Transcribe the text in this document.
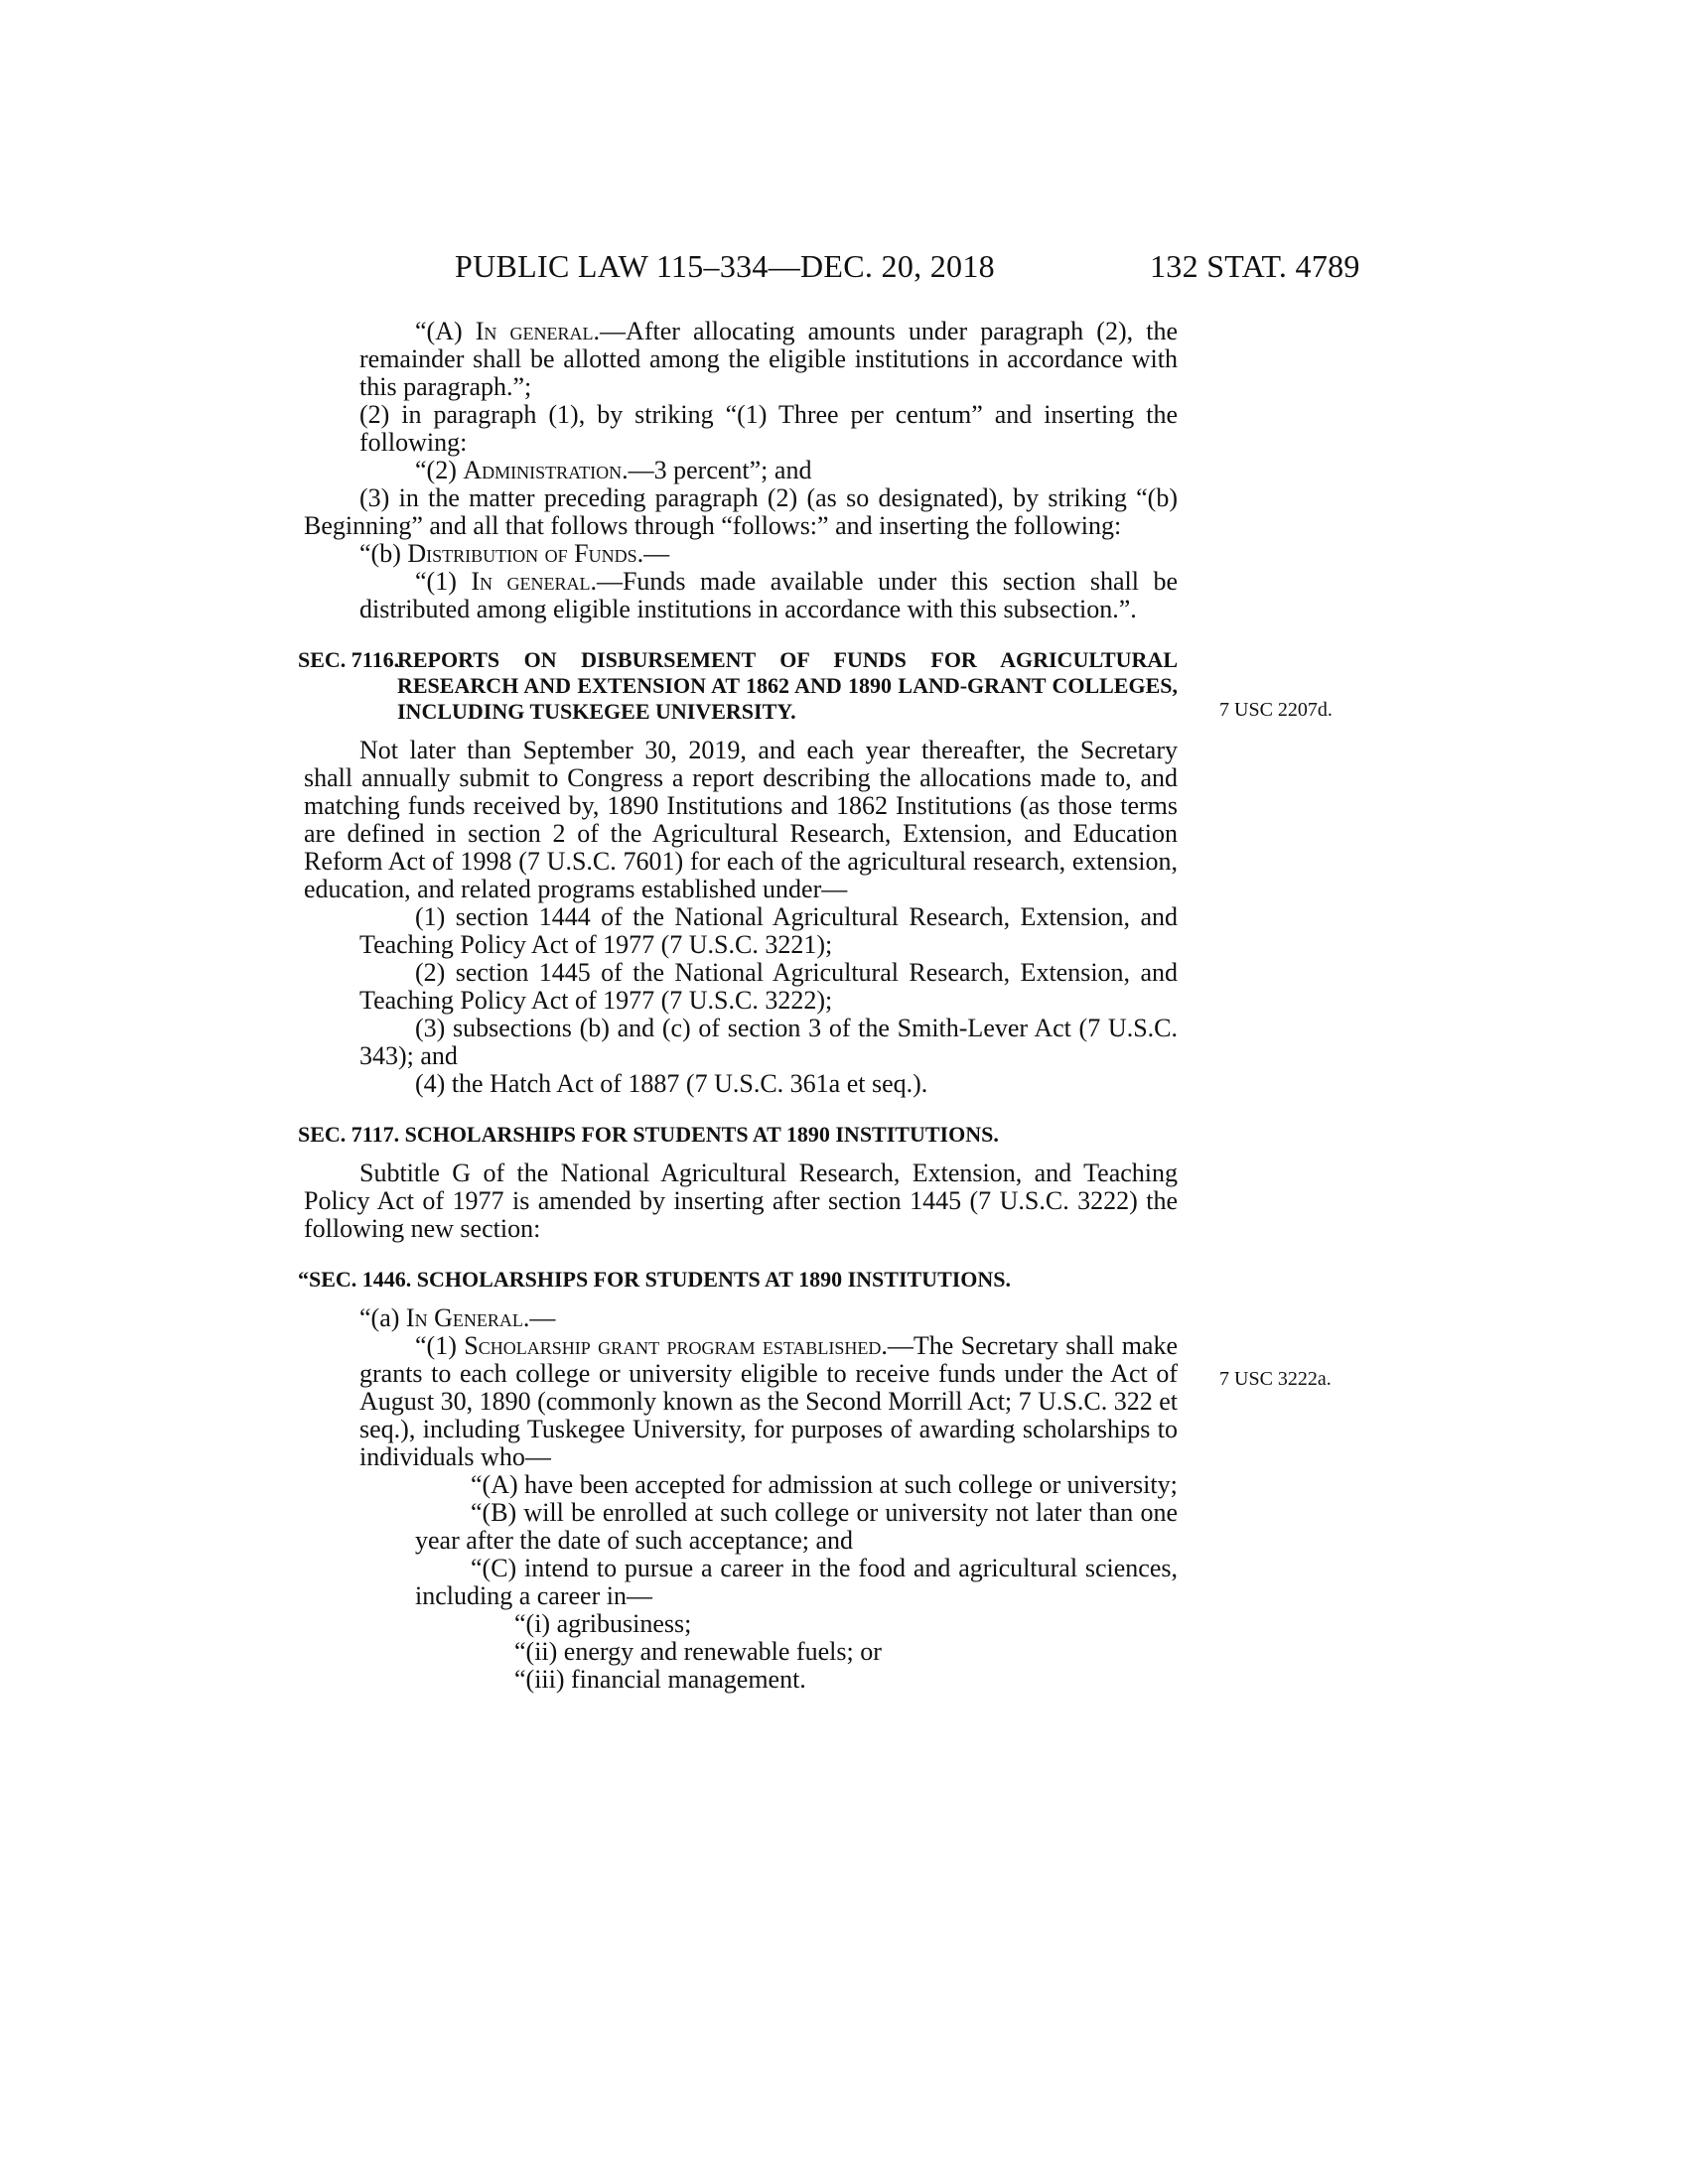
PUBLIC LAW 115–334—DEC. 20, 2018	132 STAT. 4789
7 USC 2207d.
7 USC 3222a.

“(A) In general.—After allocating amounts under paragraph (2), the remainder shall be allotted among the eligible institutions in accordance with this paragraph.”;

(2) in paragraph (1), by striking “(1) Three per centum” and inserting the following:

“(2) Administration.—3 percent”; and

(3) in the matter preceding paragraph (2) (as so designated), by striking “(b) Beginning” and all that follows through “follows:” and inserting the following:

“(b) Distribution of Funds.—

“(1) In general.—Funds made available under this section shall be distributed among eligible institutions in accordance with this subsection.”.

SEC. 7116.
REPORTS ON DISBURSEMENT OF FUNDS FOR AGRICULTURAL RESEARCH AND EXTENSION AT 1862 AND 1890 LAND-GRANT COLLEGES, INCLUDING TUSKEGEE UNIVERSITY.

Not later than September 30, 2019, and each year thereafter, the Secretary shall annually submit to Congress a report describing the allocations made to, and matching funds received by, 1890 Institutions and 1862 Institutions (as those terms are defined in section 2 of the Agricultural Research, Extension, and Education Reform Act of 1998 (7 U.S.C. 7601) for each of the agricultural research, extension, education, and related programs established under—

(1) section 1444 of the National Agricultural Research, Extension, and Teaching Policy Act of 1977 (7 U.S.C. 3221);

(2) section 1445 of the National Agricultural Research, Extension, and Teaching Policy Act of 1977 (7 U.S.C. 3222);

(3) subsections (b) and (c) of section 3 of the Smith-Lever Act (7 U.S.C. 343); and

(4) the Hatch Act of 1887 (7 U.S.C. 361a et seq.).

SEC. 7117. SCHOLARSHIPS FOR STUDENTS AT 1890 INSTITUTIONS.

Subtitle G of the National Agricultural Research, Extension, and Teaching Policy Act of 1977 is amended by inserting after section 1445 (7 U.S.C. 3222) the following new section:

“SEC. 1446. SCHOLARSHIPS FOR STUDENTS AT 1890 INSTITUTIONS.

“(a) In General.—

“(1) Scholarship grant program established.—The Secretary shall make grants to each college or university eligible to receive funds under the Act of August 30, 1890 (commonly known as the Second Morrill Act; 7 U.S.C. 322 et seq.), including Tuskegee University, for purposes of awarding scholarships to individuals who—

“(A) have been accepted for admission at such college or university;

“(B) will be enrolled at such college or university not later than one year after the date of such acceptance; and

“(C) intend to pursue a career in the food and agricultural sciences, including a career in—

“(i) agribusiness;

“(ii) energy and renewable fuels; or

“(iii) financial management.
